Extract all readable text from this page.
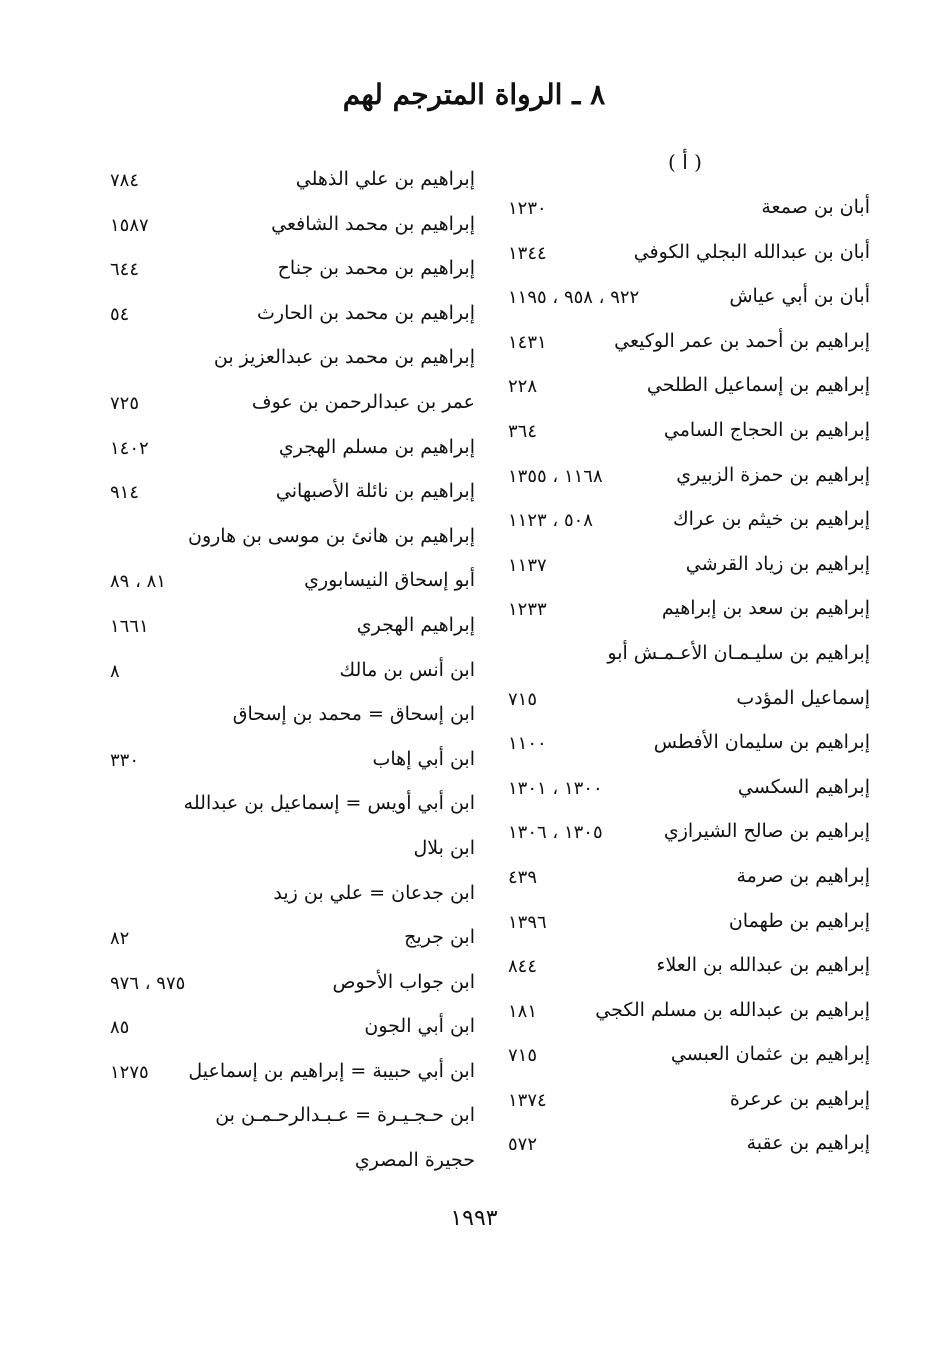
٨ ـ الرواة المترجم لهم
( أ )
أبان بن صمعة
١٢٣٠
أبان بن عبدالله البجلي الكوفي
١٣٤٤
أبان بن أبي عياش
٩٢٢ ، ٩٥٨ ، ١١٩٥
إبراهيم بن أحمد بن عمر الوكيعي
١٤٣١
إبراهيم بن إسماعيل الطلحي
٢٢٨
إبراهيم بن الحجاج السامي
٣٦٤
إبراهيم بن حمزة الزبيري
١١٦٨ ، ١٣٥٥
إبراهيم بن خيثم بن عراك
٥٠٨ ، ١١٢٣
إبراهيم بن زياد القرشي
١١٣٧
إبراهيم بن سعد بن إبراهيم
١٢٣٣
إبراهيم بن سليـمـان الأعـمـش أبو
إسماعيل المؤدب
٧١٥
إبراهيم بن سليمان الأفطس
١١٠٠
إبراهيم السكسي
١٣٠٠ ، ١٣٠١
إبراهيم بن صالح الشيرازي
١٣٠٥ ، ١٣٠٦
إبراهيم بن صرمة
٤٣٩
إبراهيم بن طهمان
١٣٩٦
إبراهيم بن عبدالله بن العلاء
٨٤٤
إبراهيم بن عبدالله بن مسلم الكجي
١٨١
إبراهيم بن عثمان العبسي
٧١٥
إبراهيم بن عرعرة
١٣٧٤
إبراهيم بن عقبة
٥٧٢
إبراهيم بن علي الذهلي
٧٨٤
إبراهيم بن محمد الشافعي
١٥٨٧
إبراهيم بن محمد بن جناح
٦٤٤
إبراهيم بن محمد بن الحارث
٥٤
إبراهيم بن محمد بن عبدالعزيز بن
عمر بن عبدالرحمن بن عوف
٧٢٥
إبراهيم بن مسلم الهجري
١٤٠٢
إبراهيم بن نائلة الأصبهاني
٩١٤
إبراهيم بن هانئ بن موسى بن هارون
أبو إسحاق النيسابوري
٨١ ، ٨٩
إبراهيم الهجري
١٦٦١
ابن أنس بن مالك
٨
ابن إسحاق = محمد بن إسحاق
ابن أبي إهاب
٣٣٠
ابن أبي أويس = إسماعيل بن عبدالله
ابن بلال
ابن جدعان = علي بن زيد
ابن جريج
٨٢
ابن جواب الأحوص
٩٧٥ ، ٩٧٦
ابن أبي الجون
٨٥
ابن أبي حبيبة = إبراهيم بن إسماعيل
١٢٧٥
ابن حـجـيـرة = عـبـدالرحـمـن بن
حجيرة المصري
١٩٩٣
